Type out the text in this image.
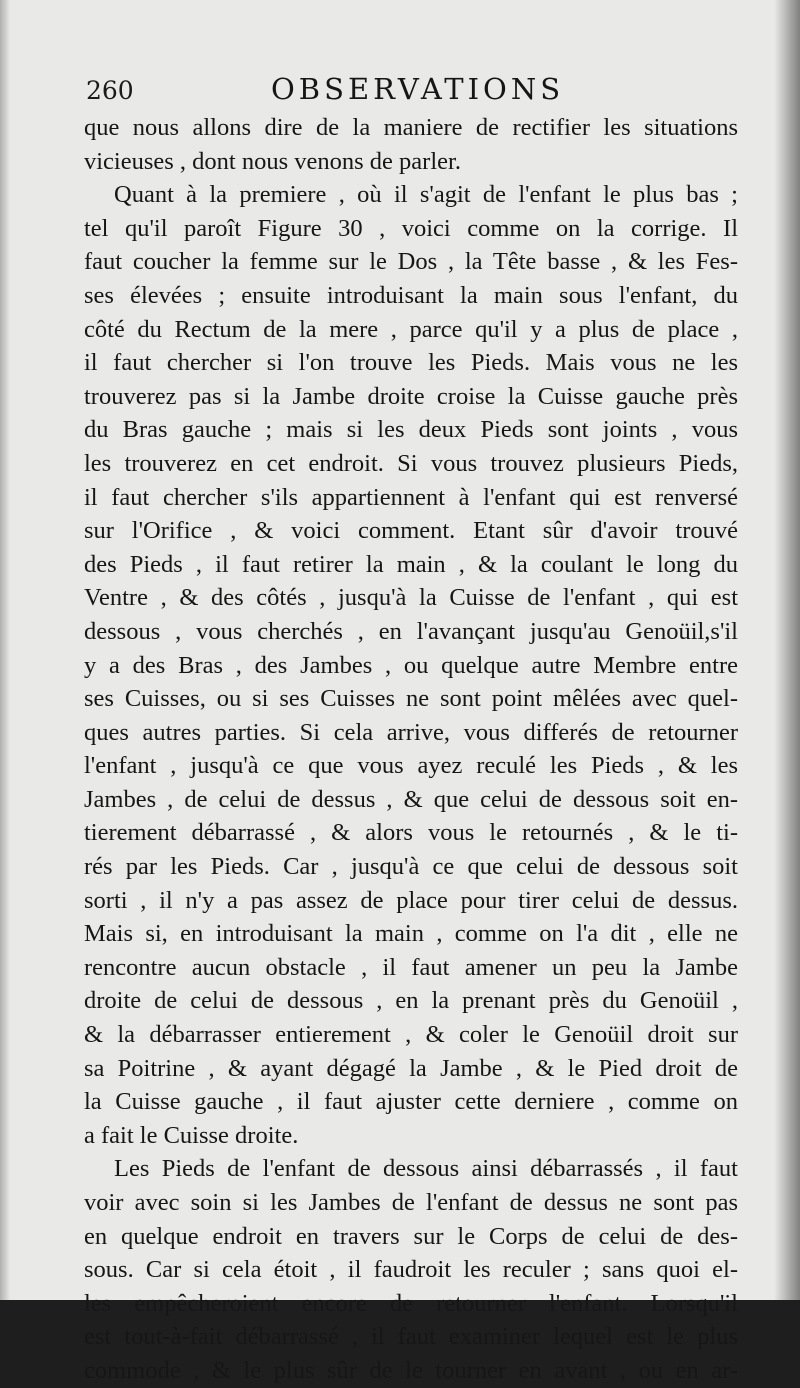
260	OBSERVATIONS
que nous allons dire de la maniere de rectifier les situations
vicieuses , dont nous venons de parler.
Quant à la premiere , où il s'agit de l'enfant le plus bas ;
tel qu'il paroît Figure 30 , voici comme on la corrige. Il
faut coucher la femme sur le Dos , la Tête basse , & les Fes-
ses élevées ; ensuite introduisant la main sous l'enfant, du
côté du Rectum de la mere , parce qu'il y a plus de place ,
il faut chercher si l'on trouve les Pieds. Mais vous ne les
trouverez pas si la Jambe droite croise la Cuisse gauche près
du Bras gauche ; mais si les deux Pieds sont joints , vous
les trouverez en cet endroit. Si vous trouvez plusieurs Pieds,
il faut chercher s'ils appartiennent à l'enfant qui est renversé
sur l'Orifice , & voici comment. Etant sûr d'avoir trouvé
des Pieds , il faut retirer la main , & la coulant le long du
Ventre , & des côtés , jusqu'à la Cuisse de l'enfant , qui est
dessous , vous cherchés , en l'avançant jusqu'au Genoüil,s'il
y a des Bras , des Jambes , ou quelque autre Membre entre
ses Cuisses, ou si ses Cuisses ne sont point mêlées avec quel-
ques autres parties. Si cela arrive, vous differés de retourner
l'enfant , jusqu'à ce que vous ayez reculé les Pieds , & les
Jambes , de celui de dessus , & que celui de dessous soit en-
tierement débarrassé , & alors vous le retournés , & le ti-
rés par les Pieds. Car , jusqu'à ce que celui de dessous soit
sorti , il n'y a pas assez de place pour tirer celui de dessus.
Mais si, en introduisant la main , comme on l'a dit , elle ne
rencontre aucun obstacle , il faut amener un peu la Jambe
droite de celui de dessous , en la prenant près du Genoüil ,
& la débarrasser entierement , & coler le Genoüil droit sur
sa Poitrine , & ayant dégagé la Jambe , & le Pied droit de
la Cuisse gauche , il faut ajuster cette derniere , comme on
a fait le Cuisse droite.
Les Pieds de l'enfant de dessous ainsi débarrassés , il faut
voir avec soin si les Jambes de l'enfant de dessus ne sont pas
en quelque endroit en travers sur le Corps de celui de des-
sous. Car si cela étoit , il faudroit les reculer ; sans quoi el-
les empêcheroient encore de retourner l'enfant. Lorsqu'il
est tout-à-fait débarrassé , il faut examiner lequel est le plus
commode , & le plus sûr de le tourner en avant , ou en ar-
